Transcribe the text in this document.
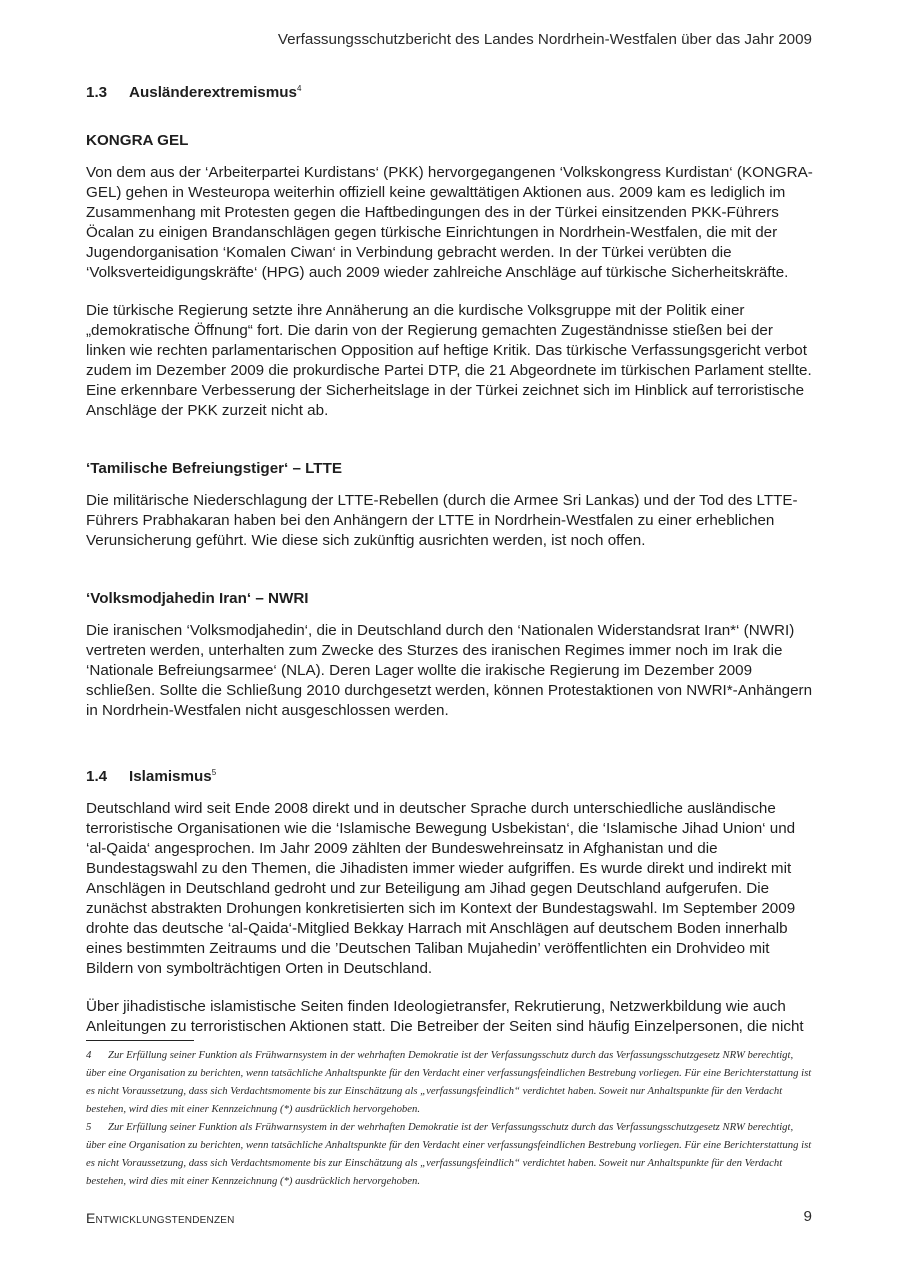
Verfassungsschutzbericht des Landes Nordrhein-Westfalen über das Jahr 2009
1.3 Ausländerextremismus$^4$
KONGRA GEL

Von dem aus der ‘Arbeiterpartei Kurdistans‘ (PKK) hervorgegangenen ‘Volkskongress Kurdistan‘ (KONGRA-GEL) gehen in Westeuropa weiterhin offiziell keine gewalttätigen Aktionen aus. 2009 kam es lediglich im Zusammenhang mit Protesten gegen die Haftbedingungen des in der Türkei einsitzenden PKK-Führers Öcalan zu einigen Brandanschlägen gegen türkische Einrichtungen in Nordrhein-Westfalen, die mit der Jugendorganisation ‘Komalen Ciwan‘ in Verbindung gebracht werden. In der Türkei verübten die ‘Volksverteidigungskräfte‘ (HPG) auch 2009 wieder zahlreiche Anschläge auf türkische Sicherheitskräfte.

Die türkische Regierung setzte ihre Annäherung an die kurdische Volksgruppe mit der Politik einer „demokratische Öffnung“ fort. Die darin von der Regierung gemachten Zugeständnisse stießen bei der linken wie rechten parlamentarischen Opposition auf heftige Kritik. Das türkische Verfassungsgericht verbot zudem im Dezember 2009 die prokurdische Partei DTP, die 21 Abgeordnete im türkischen Parlament stellte. Eine erkennbare Verbesserung der Sicherheitslage in der Türkei zeichnet sich im Hinblick auf terroristische Anschläge der PKK zurzeit nicht ab.

‘Tamilische Befreiungstiger‘ – LTTE

Die militärische Niederschlagung der LTTE-Rebellen (durch die Armee Sri Lankas) und der Tod des LTTE-Führers Prabhakaran haben bei den Anhängern der LTTE in Nordrhein-Westfalen zu einer erheblichen Verunsicherung geführt. Wie diese sich zukünftig ausrichten werden, ist noch offen.

‘Volksmodjahedin Iran‘ – NWRI

Die iranischen ‘Volksmodjahedin‘, die in Deutschland durch den ‘Nationalen Widerstandsrat Iran*‘ (NWRI) vertreten werden, unterhalten zum Zwecke des Sturzes des iranischen Regimes immer noch im Irak die ‘Nationale Befreiungsarmee‘ (NLA). Deren Lager wollte die irakische Regierung im Dezember 2009 schließen. Sollte die Schließung 2010 durchgesetzt werden, können Protestaktionen von NWRI*-Anhängern in Nordrhein-Westfalen nicht ausgeschlossen werden.

1.4 Islamismus$^5$

Deutschland wird seit Ende 2008 direkt und in deutscher Sprache durch unterschiedliche ausländische terroristische Organisationen wie die ‘Islamische Bewegung Usbekistan‘, die ‘Islamische Jihad Union‘ und ‘al-Qaida‘ angesprochen. Im Jahr 2009 zählten der Bundeswehreinsatz in Afghanistan und die Bundestagswahl zu den Themen, die Jihadisten immer wieder aufgriffen. Es wurde direkt und indirekt mit Anschlägen in Deutschland gedroht und zur Beteiligung am Jihad gegen Deutschland aufgerufen. Die zunächst abstrakten Drohungen konkretisierten sich im Kontext der Bundestagswahl. Im September 2009 drohte das deutsche ‘al-Qaida‘-Mitglied Bekkay Harrach mit Anschlägen auf deutschem Boden innerhalb eines bestimmten Zeitraums und die ’Deutschen Taliban Mujahedin’ veröffentlichten ein Drohvideo mit Bildern von symbolträchtigen Orten in Deutschland.

Über jihadistische islamistische Seiten finden Ideologietransfer, Rekrutierung, Netzwerkbildung wie auch Anleitungen zu terroristischen Aktionen statt. Die Betreiber der Seiten sind häufig Einzelpersonen, die nicht

4 Zur Erfüllung seiner Funktion als Frühwarnsystem in der wehrhaften Demokratie ist der Verfassungsschutz durch das Verfassungsschutzgesetz NRW berechtigt, über eine Organisation zu berichten, wenn tatsächliche Anhaltspunkte für den Verdacht einer verfassungsfeindlichen Bestrebung vorliegen. Für eine Berichterstattung ist es nicht Voraussetzung, dass sich Verdachtsmomente bis zur Einschätzung als „verfassungsfeindlich“ verdichtet haben. Soweit nur Anhaltspunkte für den Verdacht bestehen, wird dies mit einer Kennzeichnung (*) ausdrücklich hervorgehoben.

5 Zur Erfüllung seiner Funktion als Frühwarnsystem in der wehrhaften Demokratie ist der Verfassungsschutz durch das Verfassungsschutzgesetz NRW berechtigt, über eine Organisation zu berichten, wenn tatsächliche Anhaltspunkte für den Verdacht einer verfassungsfeindlichen Bestrebung vorliegen. Für eine Berichterstattung ist es nicht Voraussetzung, dass sich Verdachtsmomente bis zur Einschätzung als „verfassungsfeindlich“ verdichtet haben. Soweit nur Anhaltspunkte für den Verdacht bestehen, wird dies mit einer Kennzeichnung (*) ausdrücklich hervorgehoben.

Entwicklungstendenzen	9
